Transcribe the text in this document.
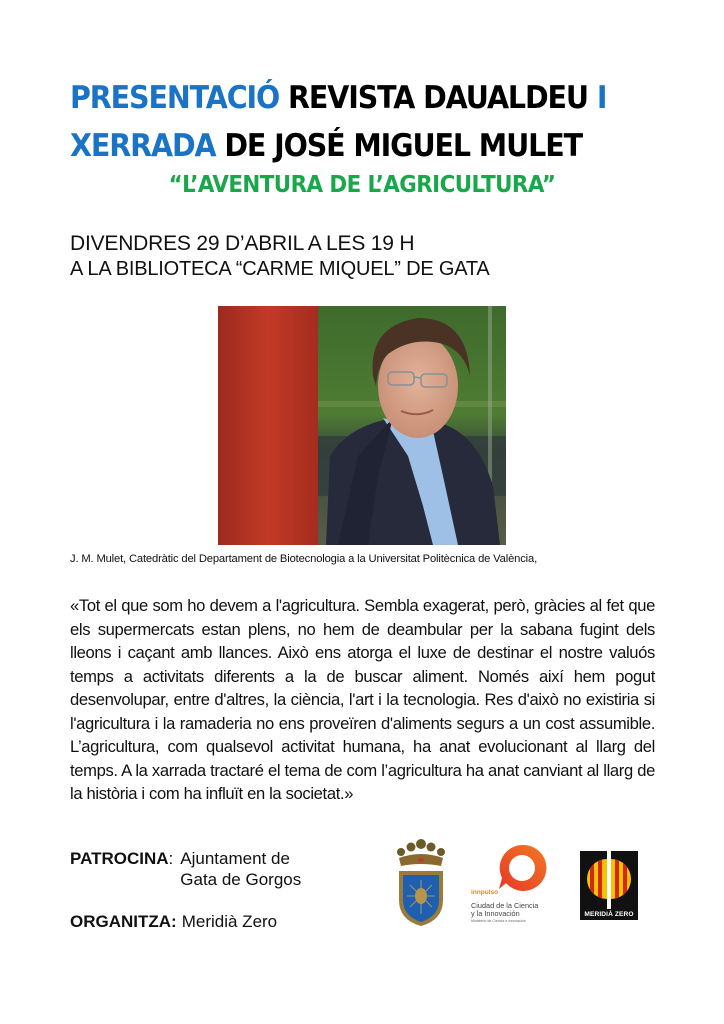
PRESENTACIÓ REVISTA DAUALDEU I
XERRADA DE JOSÉ MIGUEL MULET
“L’AVENTURA DE L’AGRICULTURA”
DIVENDRES 29 D’ABRIL A LES 19 H
A LA BIBLIOTECA “CARME MIQUEL” DE GATA
J. M. Mulet, Catedràtic del Departament de Biotecnologia a la Universitat Politècnica de València,
«Tot el que som ho devem a l'agricultura. Sembla exagerat, però, gràcies al fet que els supermercats estan plens, no hem de deambular per la sabana fugint dels lleons i caçant amb llances. Això ens atorga el luxe de destinar el nostre valuós temps a activitats diferents a la de buscar aliment. Només així hem pogut desenvolupar, entre d'altres, la ciència, l'art i la tecnologia. Res d'això no existiria si l'agricultura i la ramaderia no ens proveïren d'aliments segurs a un cost assumible. L’agricultura, com qualsevol activitat humana, ha anat evolucionant al llarg del temps. A la xarrada tractaré el tema de com l’agricultura ha anat canviant al llarg de la història i com ha influït en la societat.»
PATROCINA: Ajuntament de
Gata de Gorgos
ORGANITZA: Meridià Zero
innpulso
Ciudad de la Ciencia
y la Innovación
Ministerio de Ciencia e Innovación
MERIDIÀ ZERO
